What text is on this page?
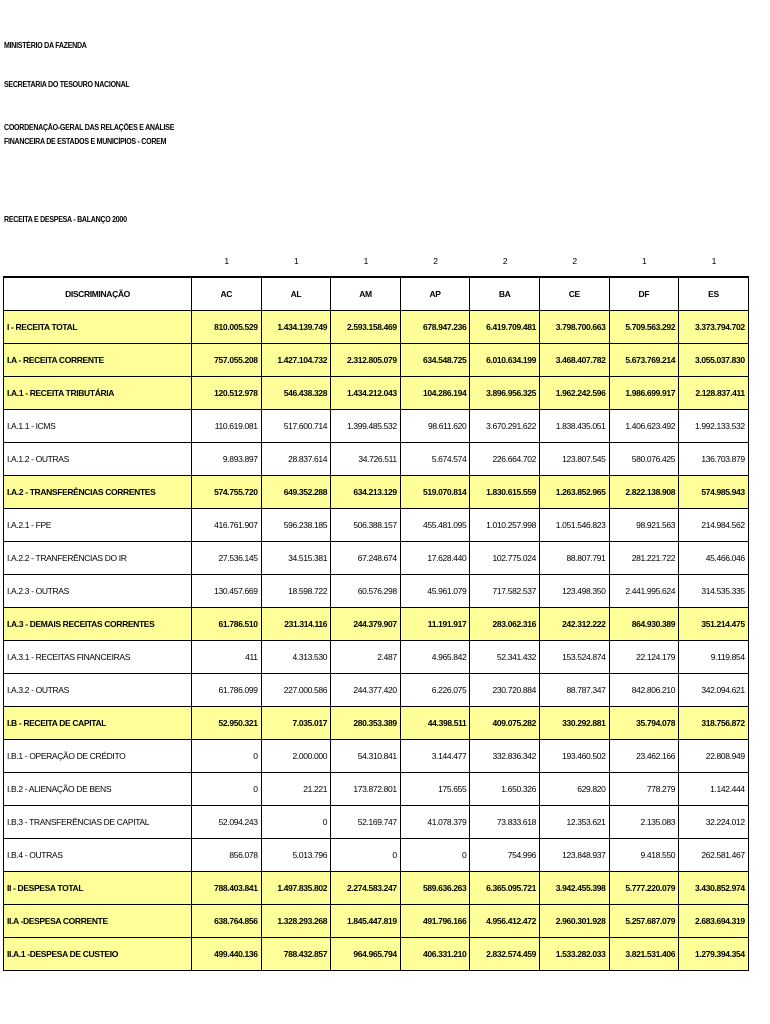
MINISTÉRIO DA FAZENDA
SECRETARIA DO TESOURO NACIONAL
COORDENAÇÃO-GERAL DAS RELAÇÕES E ANÁLISE
FINANCEIRA DE ESTADOS E MUNICÍPIOS - COREM
RECEITA E DESPESA - BALANÇO 2000
1	1	1	2	2	2	1	1
DISCRIMINAÇÃO	AC	AL	AM	AP	BA	CE	DF	ES
I - RECEITA TOTAL	810.005.529	1.434.139.749	2.593.158.469	678.947.236	6.419.709.481	3.798.700.663	5.709.563.292	3.373.794.702
I.A - RECEITA CORRENTE	757.055.208	1.427.104.732	2.312.805.079	634.548.725	6.010.634.199	3.468.407.782	5.673.769.214	3.055.037.830
I.A.1 - RECEITA TRIBUTÁRIA	120.512.978	546.438.328	1.434.212.043	104.286.194	3.896.956.325	1.962.242.596	1.986.699.917	2.128.837.411
I.A.1.1 - ICMS	110.619.081	517.600.714	1.399.485.532	98.611.620	3.670.291.622	1.838.435.051	1.406.623.492	1.992.133.532
I.A.1.2 - OUTRAS	9.893.897	28.837.614	34.726.511	5.674.574	226.664.702	123.807.545	580.076.425	136.703.879
I.A.2 - TRANSFERÊNCIAS CORRENTES	574.755.720	649.352.288	634.213.129	519.070.814	1.830.615.559	1.263.852.965	2.822.138.908	574.985.943
I.A.2.1 - FPE	416.761.907	596.238.185	506.388.157	455.481.095	1.010.257.998	1.051.546.823	98.921.563	214.984.562
I.A.2.2 - TRANFERÊNCIAS DO IR	27.536.145	34.515.381	67.248.674	17.628.440	102.775.024	88.807.791	281.221.722	45.466.046
I.A.2.3 - OUTRAS	130.457.669	18.598.722	60.576.298	45.961.079	717.582.537	123.498.350	2.441.995.624	314.535.335
I.A.3 - DEMAIS RECEITAS CORRENTES	61.786.510	231.314.116	244.379.907	11.191.917	283.062.316	242.312.222	864.930.389	351.214.475
I.A.3.1 - RECEITAS FINANCEIRAS	411	4.313.530	2.487	4.965.842	52.341.432	153.524.874	22.124.179	9.119.854
I.A.3.2 - OUTRAS	61.786.099	227.000.586	244.377.420	6.226.075	230.720.884	88.787.347	842.806.210	342.094.621
I.B - RECEITA DE CAPITAL	52.950.321	7.035.017	280.353.389	44.398.511	409.075.282	330.292.881	35.794.078	318.756.872
I.B.1 - OPERAÇÃO DE CRÉDITO	0	2.000.000	54.310.841	3.144.477	332.836.342	193.460.502	23.462.166	22.808.949
I.B.2 - ALIENAÇÃO DE BENS	0	21.221	173.872.801	175.655	1.650.326	629.820	778.279	1.142.444
I.B.3 - TRANSFERÊNCIAS DE CAPITAL	52.094.243	0	52.169.747	41.078.379	73.833.618	12.353.621	2.135.083	32.224.012
I.B.4 - OUTRAS	856.078	5.013.796	0	0	754.996	123.848.937	9.418.550	262.581.467
II - DESPESA TOTAL	788.403.841	1.497.835.802	2.274.583.247	589.636.263	6.365.095.721	3.942.455.398	5.777.220.079	3.430.852.974
II.A -DESPESA CORRENTE	638.764.856	1.328.293.268	1.845.447.819	491.796.166	4.956.412.472	2.960.301.928	5.257.687.079	2.683.694.319
II.A.1 -DESPESA DE CUSTEIO	499.440.136	788.432.857	964.965.794	406.331.210	2.832.574.459	1.533.282.033	3.821.531.406	1.279.394.354
